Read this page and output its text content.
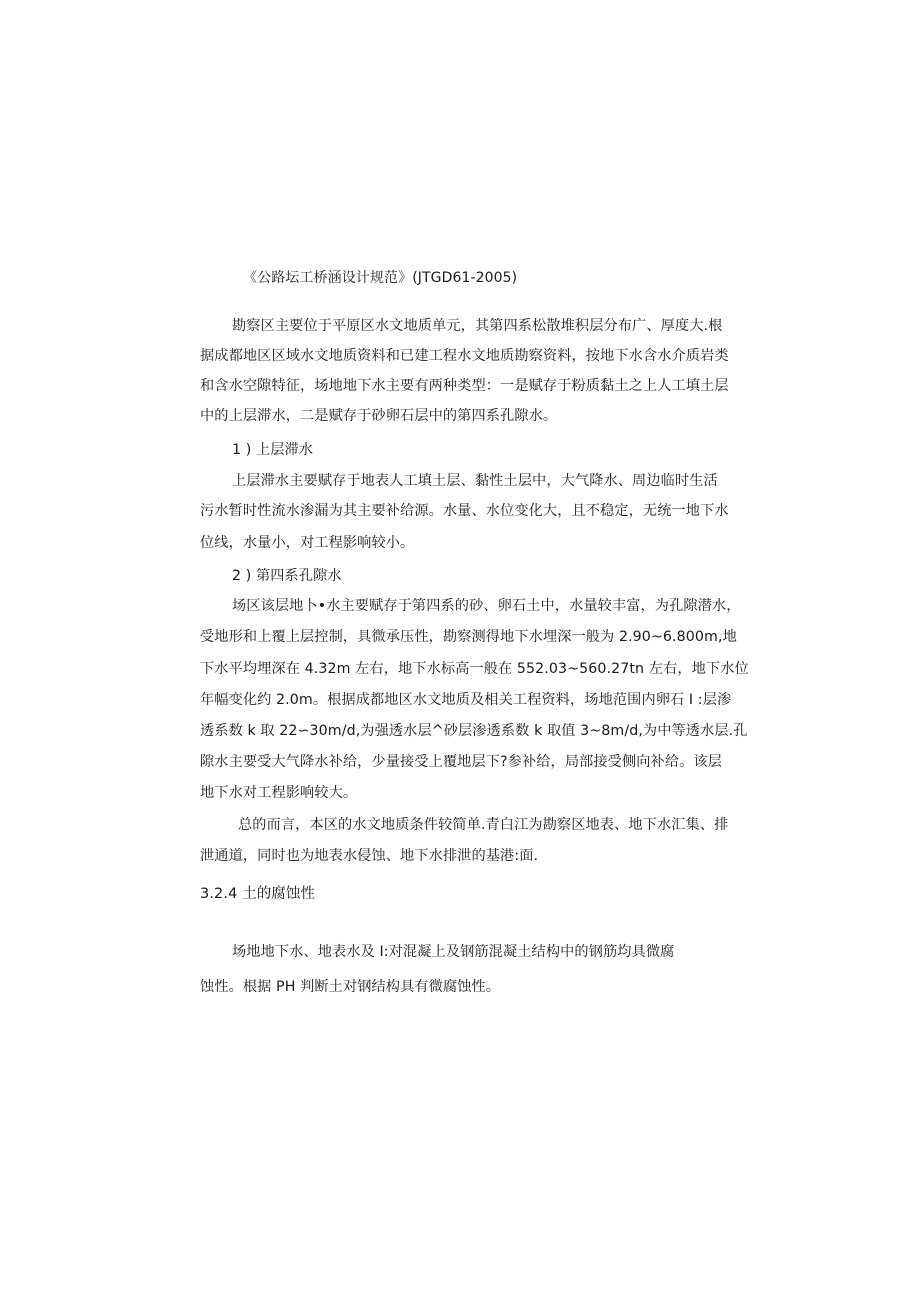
《公路坛工桥涵设计规范》(JTGD61-2005)
勘察区主要位于平原区水文地质单元，其第四系松散堆积层分布广、厚度大.根
据成都地区区域水文地质资料和已建工程水文地质勘察资料，按地下水含水介质岩类
和含水空隙特征，场地地下水主要有两种类型：一是赋存于粉质黏土之上人工填土层
中的上层滞水，二是赋存于砂卵石层中的第四系孔隙水。
1 ) 上层滞水
上层滞水主要赋存于地表人工填土层、黏性土层中，大气降水、周边临时生活
污水暂时性流水渗漏为其主要补给源。水量、水位变化大，且不稳定，无统一地下水
位线，水量小，对工程影响较小。
2 ) 第四系孔隙水
场区该层地卜•水主要赋存于第四系的砂、卵石土中，水量较丰富，为孔隙潜水，
受地形和上覆上层控制，具微承压性，勘察测得地下水埋深一般为 2.90~6.800m,地
下水平均埋深在 4.32m 左右，地下水标高一般在 552.03~560.27tn 左右，地下水位
年幅变化约 2.0m。根据成都地区水文地质及相关工程资料，场地范围内卵石 I :层渗
透系数 k 取 22∽30m/d,为强透水层^砂层渗透系数 k 取值 3~8m/d,为中等透水层.孔
隙水主要受大气降水补给，少量接受上覆地层下?参补给，局部接受侧向补给。该层
地下水对工程影响较大。
总的而言，本区的水文地质条件较简单.青白江为勘察区地表、地下水汇集、排
泄通道，同时也为地表水侵蚀、地下水排泄的基港:面.
3.2.4 土的腐蚀性
场地地下水、地表水及 I:对混凝上及钢筋混凝土结构中的钢筋均具微腐
蚀性。根据 PH 判断土对钢结构具有微腐蚀性。
